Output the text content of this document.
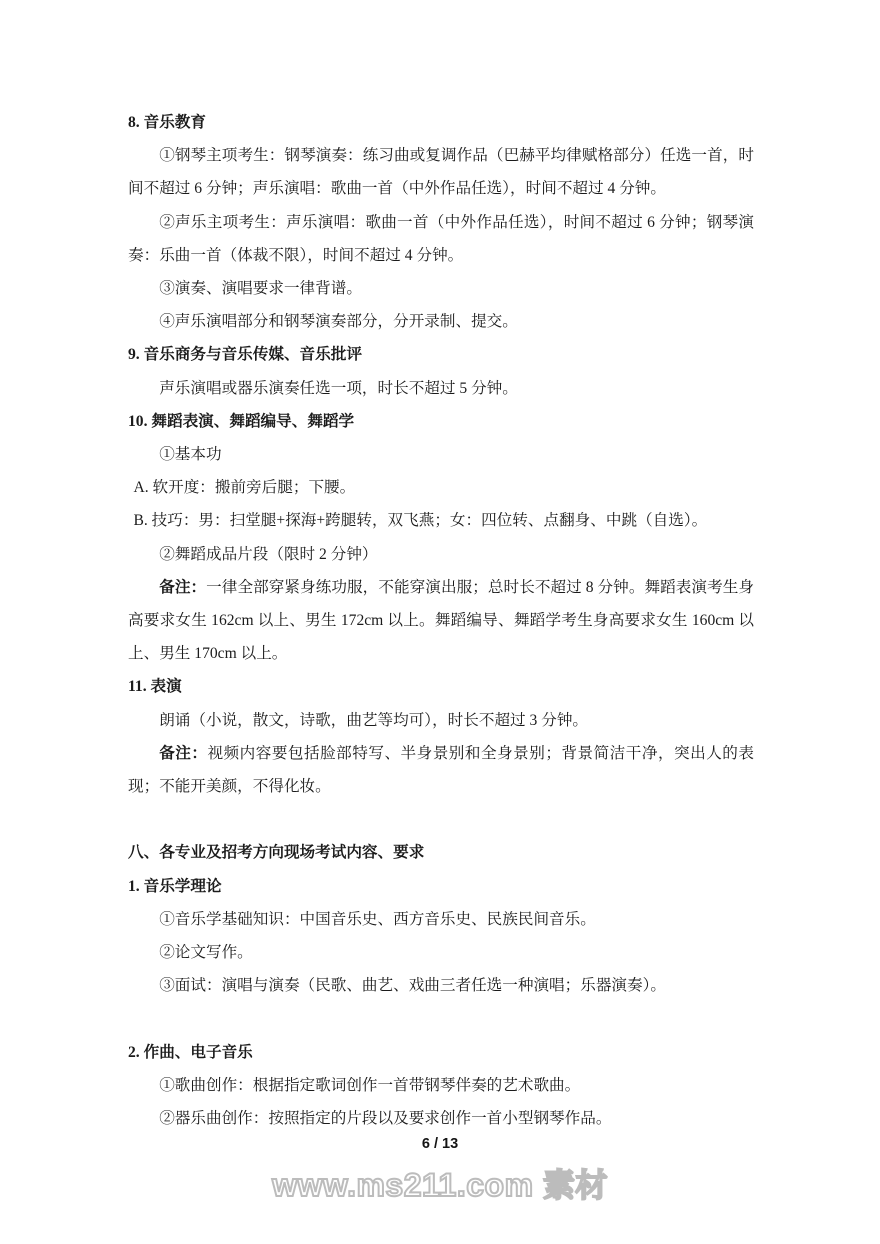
8. 音乐教育

①钢琴主项考生：钢琴演奏：练习曲或复调作品（巴赫平均律赋格部分）任选一首，时间不超过 6 分钟；声乐演唱：歌曲一首（中外作品任选），时间不超过 4 分钟。

②声乐主项考生：声乐演唱：歌曲一首（中外作品任选），时间不超过 6 分钟；钢琴演奏：乐曲一首（体裁不限），时间不超过 4 分钟。

③演奏、演唱要求一律背谱。

④声乐演唱部分和钢琴演奏部分，分开录制、提交。

9. 音乐商务与音乐传媒、音乐批评

声乐演唱或器乐演奏任选一项，时长不超过 5 分钟。

10. 舞蹈表演、舞蹈编导、舞蹈学

①基本功

A. 软开度：搬前旁后腿；下腰。

B. 技巧：男：扫堂腿+探海+跨腿转，双飞燕；女：四位转、点翻身、中跳（自选）。

②舞蹈成品片段（限时 2 分钟）

备注：一律全部穿紧身练功服，不能穿演出服；总时长不超过 8 分钟。舞蹈表演考生身高要求女生 162cm 以上、男生 172cm 以上。舞蹈编导、舞蹈学考生身高要求女生 160cm 以上、男生 170cm 以上。

11. 表演

朗诵（小说，散文，诗歌，曲艺等均可），时长不超过 3 分钟。

备注：视频内容要包括脸部特写、半身景别和全身景别；背景简洁干净，突出人的表现；不能开美颜，不得化妆。

八、各专业及招考方向现场考试内容、要求

1. 音乐学理论

①音乐学基础知识：中国音乐史、西方音乐史、民族民间音乐。

②论文写作。

③面试：演唱与演奏（民歌、曲艺、戏曲三者任选一种演唱；乐器演奏）。

2. 作曲、电子音乐

①歌曲创作：根据指定歌词创作一首带钢琴伴奏的艺术歌曲。

②器乐曲创作：按照指定的片段以及要求创作一首小型钢琴作品。

6 / 13
www.ms211.com 素材
